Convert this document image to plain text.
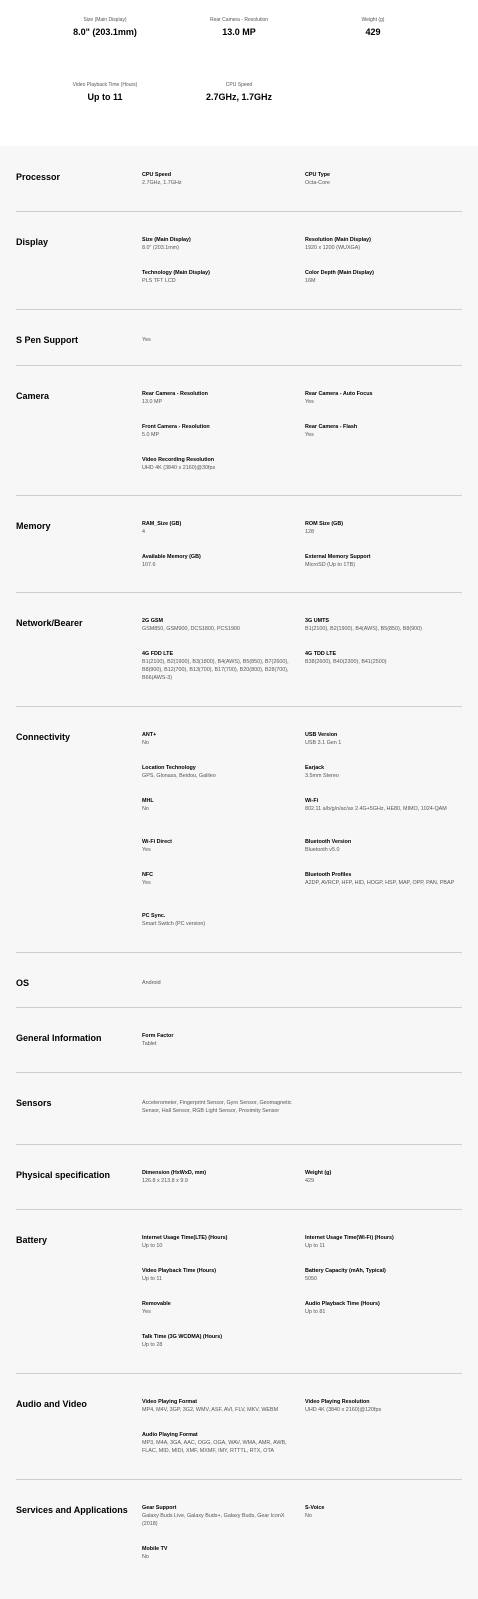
Size (Main Display)
8.0" (203.1mm)
Rear Camera - Resolution
13.0 MP
Weight (g)
429
Video Playback Time (Hours)
Up to 11
CPU Speed
2.7GHz, 1.7GHz
Processor	CPU Speed
2.7GHz, 1.7GHz
CPU Type
Octa-Core
Display	Size (Main Display)
8.0" (203.1mm)
Resolution (Main Display)
1920 x 1200 (WUXGA)
Technology (Main Display)
PLS TFT LCD
Color Depth (Main Display)
16M
S Pen Support	Yes
Camera	Rear Camera - Resolution
13.0 MP
Rear Camera - Auto Focus
Yes
Front Camera - Resolution
5.0 MP
Rear Camera - Flash
Yes
Video Recording Resolution
UHD 4K (3840 x 2160)@30fps
Memory	RAM_Size (GB)
4
ROM Size (GB)
128
Available Memory (GB)
107.6
External Memory Support
MicroSD (Up to 1TB)
Network/Bearer	2G GSM
GSM850, GSM900, DCS1800, PCS1900
3G UMTS
B1(2100), B2(1900), B4(AWS), B5(850), B8(900)
4G FDD LTE
B1(2100), B2(1900), B3(1800), B4(AWS), B5(850), B7(2600), B8(900), B12(700), B13(700), B17(700), B20(800), B28(700), B66(AWS-3)
4G TDD LTE
B38(2600), B40(2300), B41(2500)
Connectivity	ANT+
No
USB Version
USB 3.1 Gen 1
Location Technology
GPS, Glonass, Beidou, Galileo
Earjack
3.5mm Stereo
MHL
No
Wi-Fi
802.11 a/b/g/n/ac/ax 2.4G+5GHz, HE80, MIMO, 1024-QAM
Wi-Fi Direct
Yes
Bluetooth Version
Bluetooth v5.0
NFC
Yes
Bluetooth Profiles
A2DP, AVRCP, HFP, HID, HOGP, HSP, MAP, OPP, PAN, PBAP
PC Sync.
Smart Switch (PC version)
OS	Android
General Information	Form Factor
Tablet
Sensors	Accelerometer, Fingerprint Sensor, Gyro Sensor, Geomagnetic Sensor, Hall Sensor, RGB Light Sensor, Proximity Sensor
Physical specification	Dimension (HxWxD, mm)
126.8 x 213.8 x 9.9
Weight (g)
429
Battery	Internet Usage Time(LTE) (Hours)
Up to 10
Internet Usage Time(Wi-Fi) (Hours)
Up to 11
Video Playback Time (Hours)
Up to 11
Battery Capacity (mAh, Typical)
5050
Removable
Yes
Audio Playback Time (Hours)
Up to 81
Talk Time (3G WCDMA) (Hours)
Up to 28
Audio and Video	Video Playing Format
MP4, M4V, 3GP, 3G2, WMV, ASF, AVI, FLV, MKV, WEBM
Video Playing Resolution
UHD 4K (3840 x 2160)@120fps
Audio Playing Format
MP3, M4A, 3GA, AAC, OGG, OGA, WAV, WMA, AMR, AWB, FLAC, MID, MIDI, XMF, MXMF, IMY, RTTTL, RTX, OTA
Services and Applications	Gear Support
Galaxy Buds Live, Galaxy Buds+, Galaxy Buds, Gear IconX (2018)
S-Voice
No
Mobile TV
No
